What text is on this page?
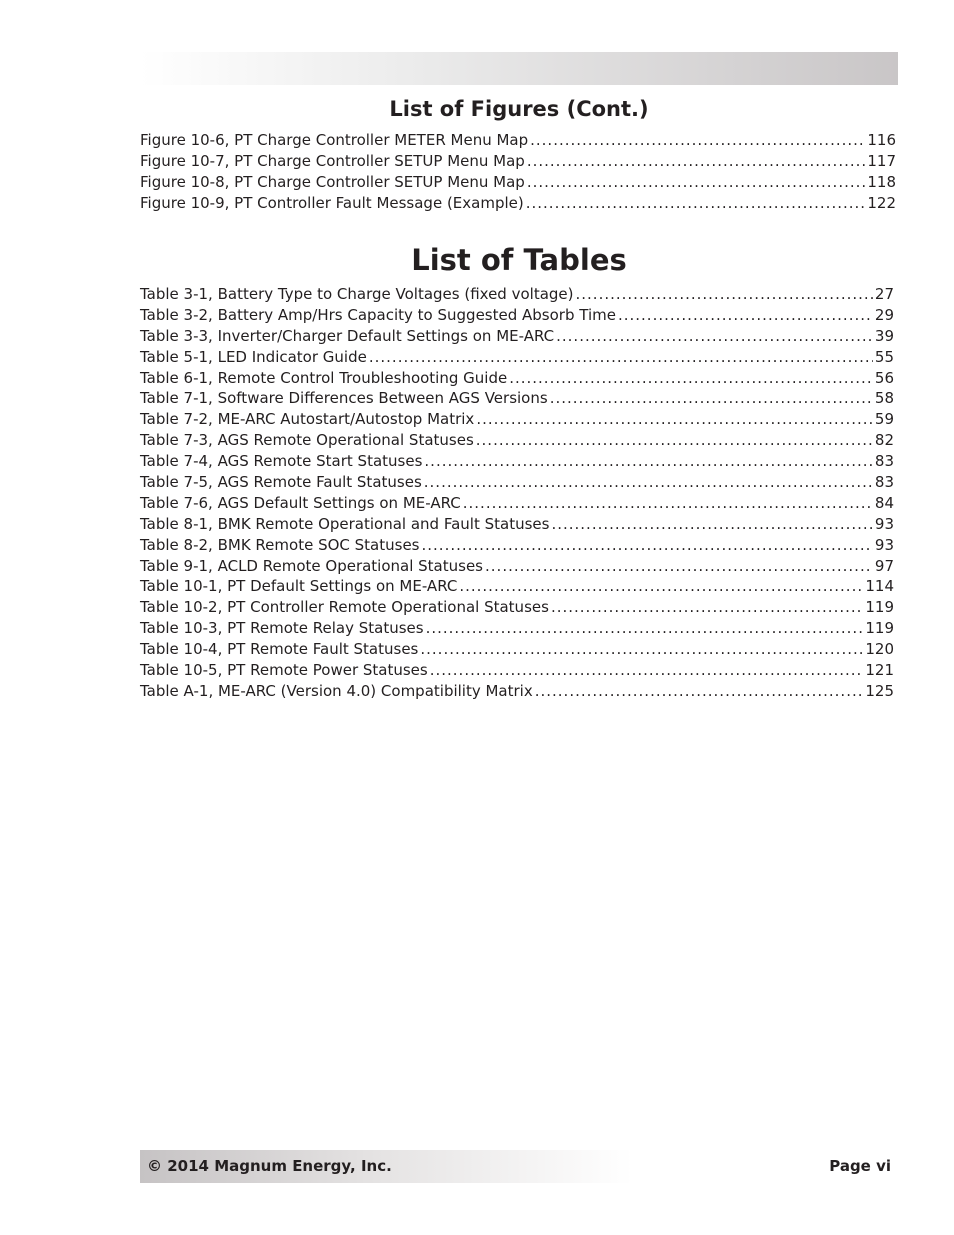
List of Figures (Cont.)
Figure 10-6, PT Charge Controller METER Menu Map .....	116
Figure 10-7, PT Charge Controller SETUP Menu Map .....	117
Figure 10-8, PT Charge Controller SETUP Menu Map .....	118
Figure 10-9, PT Controller Fault Message (Example) .....	122
List of Tables
Table 3-1, Battery Type to Charge Voltages (fixed voltage) .....	27
Table 3-2, Battery Amp/Hrs Capacity to Suggested Absorb Time .....	29
Table 3-3, Inverter/Charger Default Settings on ME-ARC .....	39
Table 5-1, LED Indicator Guide .....	55
Table 6-1, Remote Control Troubleshooting Guide .....	56
Table 7-1, Software Differences Between AGS Versions .....	58
Table 7-2, ME-ARC Autostart/Autostop Matrix .....	59
Table 7-3, AGS Remote Operational Statuses .....	82
Table 7-4, AGS Remote Start Statuses .....	83
Table 7-5, AGS Remote Fault Statuses .....	83
Table 7-6, AGS Default Settings on ME-ARC .....	84
Table 8-1, BMK Remote Operational and Fault Statuses .....	93
Table 8-2, BMK Remote SOC Statuses .....	93
Table 9-1, ACLD Remote Operational Statuses .....	97
Table 10-1, PT Default Settings on ME-ARC .....	114
Table 10-2, PT Controller Remote Operational Statuses .....	119
Table 10-3, PT Remote Relay Statuses .....	119
Table 10-4, PT Remote Fault Statuses .....	120
Table 10-5, PT Remote Power Statuses .....	121
Table A-1, ME-ARC (Version 4.0) Compatibility Matrix .....	125
© 2014 Magnum Energy, Inc.	Page vi
